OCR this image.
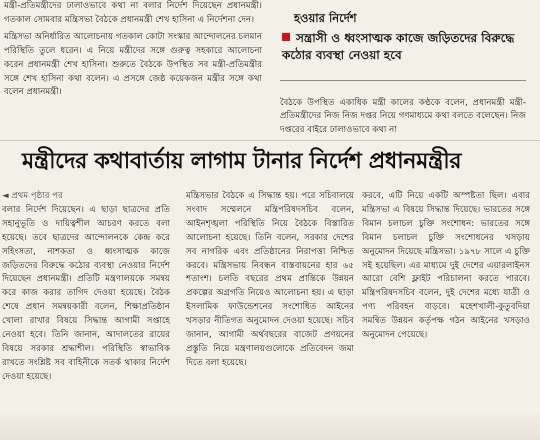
মন্ত্রী-প্রতিমন্ত্রীদের ঢালাওভাবে কথা না বলার নির্দেশ দিয়েছেন প্রধানমন্ত্রী। গতকাল সোমবার মন্ত্রিসভা বৈঠকে প্রধানমন্ত্রী শেখ হাসিনা এ নির্দেশনা দেন।

মন্ত্রিসভা অনির্ধারিত আলোচনায় গতকাল কোটা সংস্কার আন্দোলনের চলমান পরিস্থিতি তুলে ধরেন। এ নিয়ে মন্ত্রীদের সঙ্গে গুরুত্ব সহকারে আলোচনা করেন প্রধানমন্ত্রী শেখ হাসিনা। শুরুতে বৈঠকে উপস্থিত সব মন্ত্রী-প্রতিমন্ত্রীর সঙ্গে শেখ হাসিনা কথা বলেন। এ প্রসঙ্গে জেষ্ঠ কয়েকজন মন্ত্রীর সঙ্গে কথা বলেন প্রধানমন্ত্রী।

হওয়ার নির্দেশ
সন্ত্রাসী ও ধ্বংসাত্মক কাজে জড়িতদের বিরুদ্ধে কঠোর ব্যবস্থা নেওয়া হবে

বৈঠকে উপস্থিত একাধিক মন্ত্রী কালের কণ্ঠকে বলেন, প্রধানমন্ত্রী মন্ত্রী-প্রতিমন্ত্রীদের নিজ নিজ দপ্তর নিয়ে গণমাধ্যমে কথা বলতে বলেছেন। নিজ দপ্তরের বাইরে ঢালাওভাবে কথা না

মন্ত্রীদের কথাবার্তায় লাগাম টানার নির্দেশ প্রধানমন্ত্রীর

◄ প্রথম পৃষ্ঠার পর

বলার নির্দেশ দিয়েছেন। এ ছাড়া ছাত্রদের প্রতি সহানুভূতি ও দায়িত্বশীল আচরণ করতে বলা হয়েছে। তবে ছাত্রদের আন্দোলনকে কেন্দ্র করে সহিংসতা, নাশকতা ও ধ্বংসাত্মক কাজে জড়িতদের বিরুদ্ধে কঠোর ব্যবস্থা নেওয়ার নির্দেশ দিয়েছেন প্রধানমন্ত্রী। প্রতিটি মন্ত্রণালয়কে সমন্বয় করে কাজ করার তাগিদ দেওয়া হয়েছে। বৈঠক শেষে প্রধান সমন্বয়কারী বলেন, শিক্ষাপ্রতিষ্ঠান খোলা রাখার বিষয়ে সিদ্ধান্ত আগামী সপ্তাহে নেওয়া হবে। তিনি জানান, আদালতের রায়ের বিষয়ে সরকার শ্রদ্ধাশীল। পরিস্থিতি স্বাভাবিক রাখতে সংশ্লিষ্ট সব বাহিনীকে সতর্ক থাকার নির্দেশ দেওয়া হয়েছে।

মন্ত্রিসভার বৈঠকে এ সিদ্ধান্ত হয়। পরে সচিবালয়ে সংবাদ সম্মেলনে মন্ত্রিপরিষদসচিব বলেন, আইনশৃঙ্খলা পরিস্থিতি নিয়ে বৈঠকে বিস্তারিত আলোচনা হয়েছে। তিনি বলেন, সরকার দেশের সব নাগরিক এবং প্রতিষ্ঠানের নিরাপত্তা নিশ্চিত করবে। মন্ত্রিসভায় নিবন্ধন বাস্তবায়নের হার ৬৫ শতাংশ। চলতি বছরের প্রথম প্রান্তিকে উন্নয়ন প্রকল্পের অগ্রগতি নিয়েও আলোচনা হয়। এ ছাড়া ইসলামিক ফাউন্ডেশনের সংশোধিত আইনের খসড়ার নীতিগত অনুমোদন দেওয়া হয়েছে। সচিব জানান, আগামী অর্থবছরের বাজেট প্রণয়নের প্রস্তুতি নিয়ে মন্ত্রণালয়গুলোকে প্রতিবেদন জমা দিতে বলা হয়েছে।

করবে, এটি নিয়ে একটি অস্পষ্টতা ছিল। এবার মন্ত্রিসভা এ বিষয়ে সিদ্ধান্ত দিয়েছে। ভারতের সঙ্গে বিমান চলাচল চুক্তি সংশোধন: ভারতের সঙ্গে বিমান চলাচল চুক্তি সংশোধনের খসড়ায় অনুমোদন দিয়েছে মন্ত্রিসভা। ১৯৭৮ সালে এ চুক্তি সই হয়েছিল। এর মাধ্যমে দুই দেশের এয়ারলাইনস আরো বেশি ফ্লাইট পরিচালনা করতে পারবে। মন্ত্রিপরিষদসচিব বলেন, দুই দেশের মধ্যে যাত্রী ও পণ্য পরিবহন বাড়বে। মহেশখালী-কুতুবদিয়া সমন্বিত উন্নয়ন কর্তৃপক্ষ গঠন আইনের খসড়াও অনুমোদন পেয়েছে।
